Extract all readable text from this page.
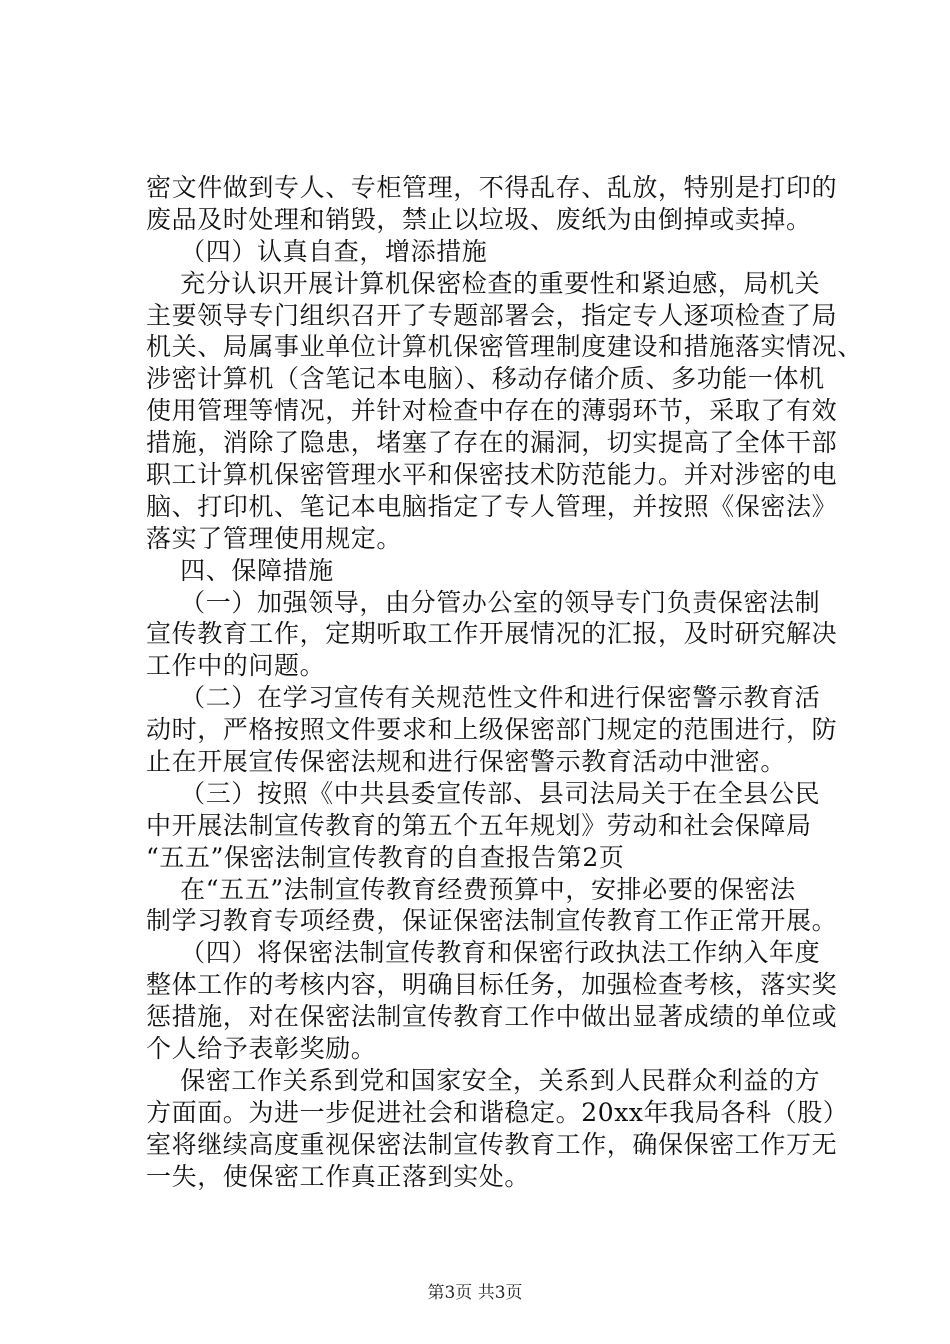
密文件做到专人、专柜管理，不得乱存、乱放，特别是打印的
废品及时处理和销毁，禁止以垃圾、废纸为由倒掉或卖掉。
（四）认真自查，增添措施
充分认识开展计算机保密检查的重要性和紧迫感，局机关
主要领导专门组织召开了专题部署会，指定专人逐项检查了局
机关、局属事业单位计算机保密管理制度建设和措施落实情况、
涉密计算机（含笔记本电脑）、移动存储介质、多功能一体机
使用管理等情况，并针对检查中存在的薄弱环节，采取了有效
措施，消除了隐患，堵塞了存在的漏洞，切实提高了全体干部
职工计算机保密管理水平和保密技术防范能力。并对涉密的电
脑、打印机、笔记本电脑指定了专人管理，并按照《保密法》
落实了管理使用规定。
四、保障措施
（一）加强领导，由分管办公室的领导专门负责保密法制
宣传教育工作，定期听取工作开展情况的汇报，及时研究解决
工作中的问题。
（二）在学习宣传有关规范性文件和进行保密警示教育活
动时，严格按照文件要求和上级保密部门规定的范围进行，防
止在开展宣传保密法规和进行保密警示教育活动中泄密。
（三）按照《中共县委宣传部、县司法局关于在全县公民
中开展法制宣传教育的第五个五年规划》劳动和社会保障局
“五五”保密法制宣传教育的自查报告第2页
在“五五”法制宣传教育经费预算中，安排必要的保密法
制学习教育专项经费，保证保密法制宣传教育工作正常开展。
（四）将保密法制宣传教育和保密行政执法工作纳入年度
整体工作的考核内容，明确目标任务，加强检查考核，落实奖
惩措施，对在保密法制宣传教育工作中做出显著成绩的单位或
个人给予表彰奖励。
保密工作关系到党和国家安全，关系到人民群众利益的方
方面面。为进一步促进社会和谐稳定。20xx年我局各科（股）
室将继续高度重视保密法制宣传教育工作，确保保密工作万无
一失，使保密工作真正落到实处。
第3页 共3页
